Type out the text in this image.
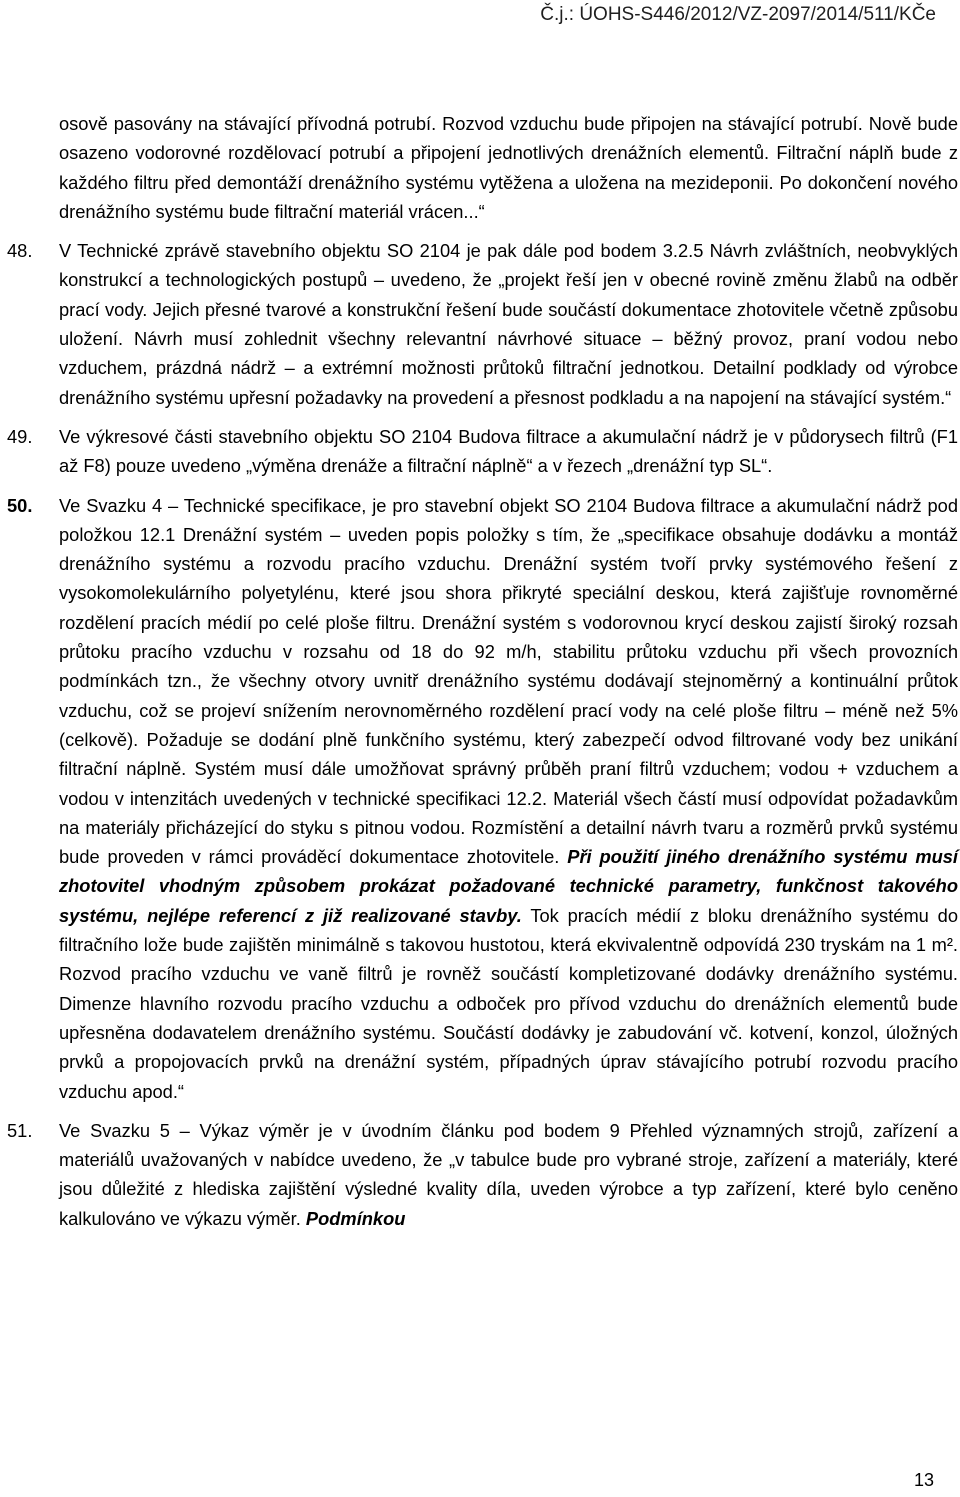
Č.j.: ÚOHS-S446/2012/VZ-2097/2014/511/KČe

osově pasovány na stávající přívodná potrubí. Rozvod vzduchu bude připojen na stávající potrubí. Nově bude osazeno vodorovné rozdělovací potrubí a připojení jednotlivých drenážních elementů. Filtrační náplň bude z každého filtru před demontáží drenážního systému vytěžena a uložena na mezideponii. Po dokončení nového drenážního systému bude filtrační materiál vrácen...“

48. V Technické zprávě stavebního objektu SO 2104 je pak dále pod bodem 3.2.5 Návrh zvláštních, neobvyklých konstrukcí a technologických postupů – uvedeno, že „projekt řeší jen v obecné rovině změnu žlabů na odběr prací vody. Jejich přesné tvarové a konstrukční řešení bude součástí dokumentace zhotovitele včetně způsobu uložení. Návrh musí zohlednit všechny relevantní návrhové situace – běžný provoz, praní vodou nebo vzduchem, prázdná nádrž – a extrémní možnosti průtoků filtrační jednotkou. Detailní podklady od výrobce drenážního systému upřesní požadavky na provedení a přesnost podkladu a na napojení na stávající systém.“

49. Ve výkresové části stavebního objektu SO 2104 Budova filtrace a akumulační nádrž je v půdorysech filtrů (F1 až F8) pouze uvedeno „výměna drenáže a filtrační náplně“ a v řezech „drenážní typ SL“.

50. Ve Svazku 4 – Technické specifikace, je pro stavební objekt SO 2104 Budova filtrace a akumulační nádrž pod položkou 12.1 Drenážní systém – uveden popis položky s tím, že „specifikace obsahuje dodávku a montáž drenážního systému a rozvodu pracího vzduchu. Drenážní systém tvoří prvky systémového řešení z vysokomolekulárního polyetylénu, které jsou shora přikryté speciální deskou, která zajišťuje rovnoměrné rozdělení pracích médií po celé ploše filtru. Drenážní systém s vodorovnou krycí deskou zajistí široký rozsah průtoku pracího vzduchu v rozsahu od 18 do 92 m/h, stabilitu průtoku vzduchu při všech provozních podmínkách tzn., že všechny otvory uvnitř drenážního systému dodávají stejnoměrný a kontinuální průtok vzduchu, což se projeví snížením nerovnoměrného rozdělení prací vody na celé ploše filtru – méně než 5% (celkově). Požaduje se dodání plně funkčního systému, který zabezpečí odvod filtrované vody bez unikání filtrační náplně. Systém musí dále umožňovat správný průběh praní filtrů vzduchem; vodou + vzduchem a vodou v intenzitách uvedených v technické specifikaci 12.2. Materiál všech částí musí odpovídat požadavkům na materiály přicházející do styku s pitnou vodou. Rozmístění a detailní návrh tvaru a rozměrů prvků systému bude proveden v rámci prováděcí dokumentace zhotovitele. Při použití jiného drenážního systému musí zhotovitel vhodným způsobem prokázat požadované technické parametry, funkčnost takového systému, nejlépe referencí z již realizované stavby. Tok pracích médií z bloku drenážního systému do filtračního lože bude zajištěn minimálně s takovou hustotou, která ekvivalentně odpovídá 230 tryskám na 1 m². Rozvod pracího vzduchu ve vaně filtrů je rovněž součástí kompletizované dodávky drenážního systému. Dimenze hlavního rozvodu pracího vzduchu a odboček pro přívod vzduchu do drenážních elementů bude upřesněna dodavatelem drenážního systému. Součástí dodávky je zabudování vč. kotvení, konzol, úložných prvků a propojovacích prvků na drenážní systém, případných úprav stávajícího potrubí rozvodu pracího vzduchu apod.“

51. Ve Svazku 5 – Výkaz výměr je v úvodním článku pod bodem 9 Přehled významných strojů, zařízení a materiálů uvažovaných v nabídce uvedeno, že „v tabulce bude pro vybrané stroje, zařízení a materiály, které jsou důležité z hlediska zajištění výsledné kvality díla, uveden výrobce a typ zařízení, které bylo ceněno kalkulováno ve výkazu výměr. Podmínkou

13
